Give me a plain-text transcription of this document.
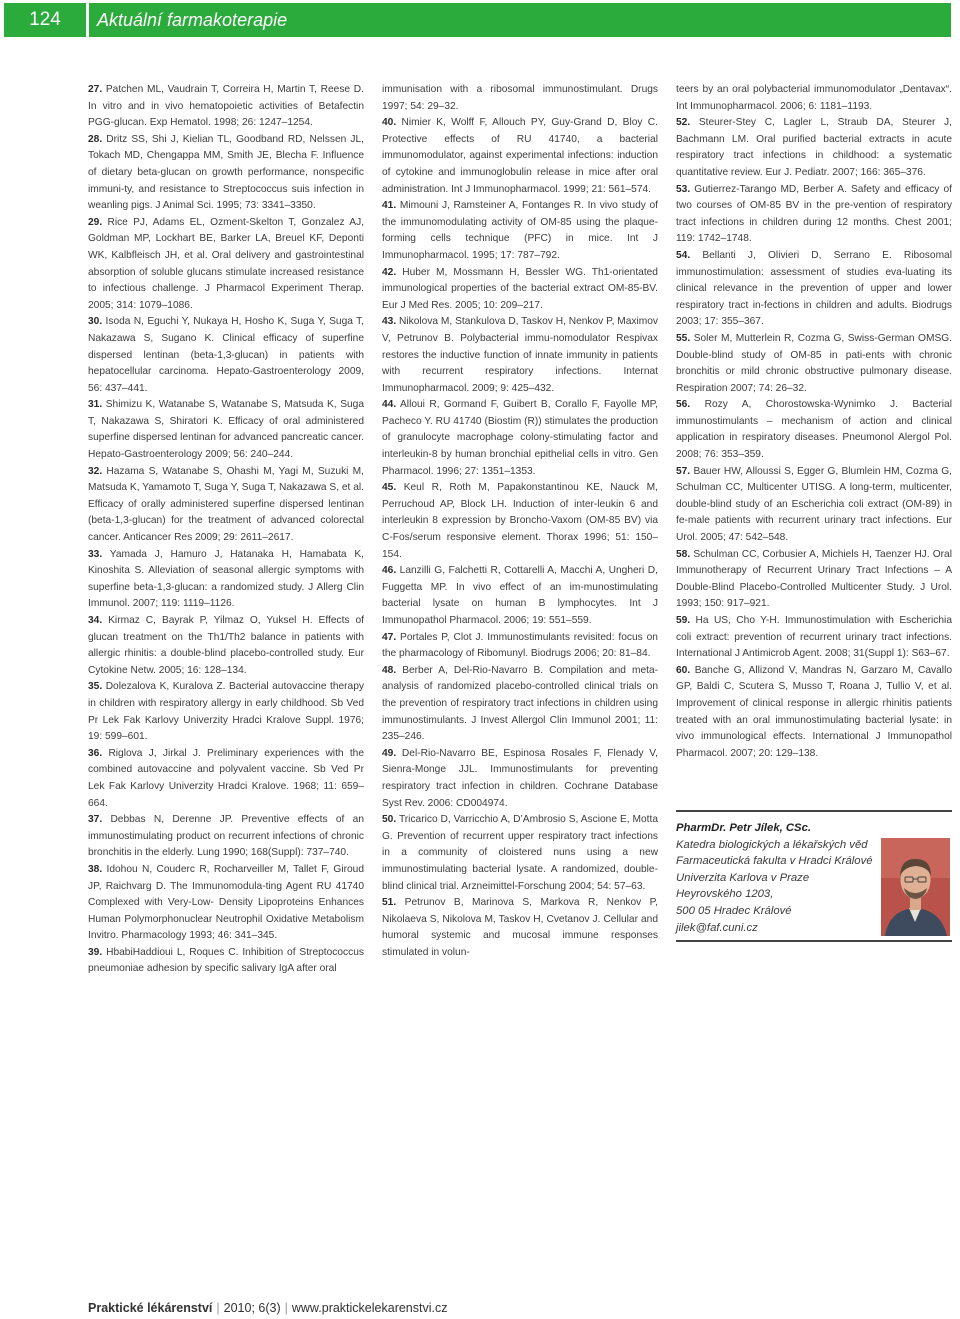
124	Aktuální farmakoterapie

27. Patchen ML, Vaudrain T, Correira H, Martin T, Reese D. In vitro and in vivo hematopoietic activities of Betafectin PGG-glucan. Exp Hematol. 1998; 26: 1247–1254.

28. Dritz SS, Shi J, Kielian TL, Goodband RD, Nelssen JL, Tokach MD, Chengappa MM, Smith JE, Blecha F. Influence of dietary beta-glucan on growth performance, nonspecific immuni-ty, and resistance to Streptococcus suis infection in weanling pigs. J Animal Sci. 1995; 73: 3341–3350.

29. Rice PJ, Adams EL, Ozment-Skelton T, Gonzalez AJ, Goldman MP, Lockhart BE, Barker LA, Breuel KF, Deponti WK, Kalbfleisch JH, et al. Oral delivery and gastrointestinal absorption of soluble glucans stimulate increased resistance to infectious challenge. J Pharmacol Experiment Therap. 2005; 314: 1079–1086.

30. Isoda N, Eguchi Y, Nukaya H, Hosho K, Suga Y, Suga T, Nakazawa S, Sugano K. Clinical efficacy of superfine dispersed lentinan (beta-1,3-glucan) in patients with hepatocellular carcinoma. Hepato-Gastroenterology 2009, 56: 437–441.

31. Shimizu K, Watanabe S, Watanabe S, Matsuda K, Suga T, Nakazawa S, Shiratori K. Efficacy of oral administered superfine dispersed lentinan for advanced pancreatic cancer. Hepato-Gastroenterology 2009; 56: 240–244.

32. Hazama S, Watanabe S, Ohashi M, Yagi M, Suzuki M, Matsuda K, Yamamoto T, Suga Y, Suga T, Nakazawa S, et al. Efficacy of orally administered superfine dispersed lentinan (beta-1,3-glucan) for the treatment of advanced colorectal cancer. Anticancer Res 2009; 29: 2611–2617.

33. Yamada J, Hamuro J, Hatanaka H, Hamabata K, Kinoshita S. Alleviation of seasonal allergic symptoms with superfine beta-1,3-glucan: a randomized study. J Allerg Clin Immunol. 2007; 119: 1119–1126.

34. Kirmaz C, Bayrak P, Yilmaz O, Yuksel H. Effects of glucan treatment on the Th1/Th2 balance in patients with allergic rhinitis: a double-blind placebo-controlled study. Eur Cytokine Netw. 2005; 16: 128–134.

35. Dolezalova K, Kuralova Z. Bacterial autovaccine therapy in children with respiratory allergy in early childhood. Sb Ved Pr Lek Fak Karlovy Univerzity Hradci Kralove Suppl. 1976; 19: 599–601.

36. Riglova J, Jirkal J. Preliminary experiences with the combined autovaccine and polyvalent vaccine. Sb Ved Pr Lek Fak Karlovy Univerzity Hradci Kralove. 1968; 11: 659–664.

37. Debbas N, Derenne JP. Preventive effects of an immunostimulating product on recurrent infections of chronic bronchitis in the elderly. Lung 1990; 168(Suppl): 737–740.

38. Idohou N, Couderc R, Rocharveiller M, Tallet F, Giroud JP, Raichvarg D. The Immunomodula-ting Agent RU 41740 Complexed with Very-Low- Density Lipoproteins Enhances Human Polymorphonuclear Neutrophil Oxidative Metabolism Invitro. Pharmacology 1993; 46: 341–345.

39. HbabiHaddioui L, Roques C. Inhibition of Streptococcus pneumoniae adhesion by specific salivary IgA after oral

immunisation with a ribosomal immunostimulant. Drugs 1997; 54: 29–32.

40. Nimier K, Wolff F, Allouch PY, Guy-Grand D, Bloy C. Protective effects of RU 41740, a bacterial immunomodulator, against experimental infections: induction of cytokine and immunoglobulin release in mice after oral administration. Int J Immunopharmacol. 1999; 21: 561–574.

41. Mimouni J, Ramsteiner A, Fontanges R. In vivo study of the immunomodulating activity of OM-85 using the plaque-forming cells technique (PFC) in mice. Int J Immunopharmacol. 1995; 17: 787–792.

42. Huber M, Mossmann H, Bessler WG. Th1-orientated immunological properties of the bacterial extract OM-85-BV. Eur J Med Res. 2005; 10: 209–217.

43. Nikolova M, Stankulova D, Taskov H, Nenkov P, Maximov V, Petrunov B. Polybacterial immu-nomodulator Respivax restores the inductive function of innate immunity in patients with recurrent respiratory infections. Internat Immunopharmacol. 2009; 9: 425–432.

44. Alloui R, Gormand F, Guibert B, Corallo F, Fayolle MP, Pacheco Y. RU 41740 (Biostim (R)) stimulates the production of granulocyte macrophage colony-stimulating factor and interleukin-8 by human bronchial epithelial cells in vitro. Gen Pharmacol. 1996; 27: 1351–1353.

45. Keul R, Roth M, Papakonstantinou KE, Nauck M, Perruchoud AP, Block LH. Induction of inter-leukin 6 and interleukin 8 expression by Broncho-Vaxom (OM-85 BV) via C-Fos/serum responsive element. Thorax 1996; 51: 150–154.

46. Lanzilli G, Falchetti R, Cottarelli A, Macchi A, Ungheri D, Fuggetta MP. In vivo effect of an im-munostimulating bacterial lysate on human B lymphocytes. Int J Immunopathol Pharmacol. 2006; 19: 551–559.

47. Portales P, Clot J. Immunostimulants revisited: focus on the pharmacology of Ribomunyl. Biodrugs 2006; 20: 81–84.

48. Berber A, Del-Rio-Navarro B. Compilation and meta-analysis of randomized placebo-controlled clinical trials on the prevention of respiratory tract infections in children using immunostimulants. J Invest Allergol Clin Immunol 2001; 11: 235–246.

49. Del-Rio-Navarro BE, Espinosa Rosales F, Flenady V, Sienra-Monge JJL. Immunostimulants for preventing respiratory tract infection in children. Cochrane Database Syst Rev. 2006: CD004974.

50. Tricarico D, Varricchio A, D’Ambrosio S, Ascione E, Motta G. Prevention of recurrent upper respiratory tract infections in a community of cloistered nuns using a new immunostimulating bacterial lysate. A randomized, double-blind clinical trial. Arzneimittel-Forschung 2004; 54: 57–63.

51. Petrunov B, Marinova S, Markova R, Nenkov P, Nikolaeva S, Nikolova M, Taskov H, Cvetanov J. Cellular and humoral systemic and mucosal immune responses stimulated in volun-

teers by an oral polybacterial immunomodulator „Dentavax“. Int Immunopharmacol. 2006; 6: 1181–1193.

52. Steurer-Stey C, Lagler L, Straub DA, Steurer J, Bachmann LM. Oral purified bacterial extracts in acute respiratory tract infections in childhood: a systematic quantitative review. Eur J. Pediatr. 2007; 166: 365–376.

53. Gutierrez-Tarango MD, Berber A. Safety and efficacy of two courses of OM-85 BV in the pre-vention of respiratory tract infections in children during 12 months. Chest 2001; 119: 1742–1748.

54. Bellanti J, Olivieri D, Serrano E. Ribosomal immunostimulation: assessment of studies eva-luating its clinical relevance in the prevention of upper and lower respiratory tract in-fections in children and adults. Biodrugs 2003; 17: 355–367.

55. Soler M, Mutterlein R, Cozma G, Swiss-German OMSG. Double-blind study of OM-85 in pati-ents with chronic bronchitis or mild chronic obstructive pulmonary disease. Respiration 2007; 74: 26–32.

56. Rozy A, Chorostowska-Wynimko J. Bacterial immunostimulants – mechanism of action and clinical application in respiratory diseases. Pneumonol Alergol Pol. 2008; 76: 353–359.

57. Bauer HW, Alloussi S, Egger G, Blumlein HM, Cozma G, Schulman CC, Multicenter UTISG. A long-term, multicenter, double-blind study of an Escherichia coli extract (OM-89) in fe-male patients with recurrent urinary tract infections. Eur Urol. 2005; 47: 542–548.

58. Schulman CC, Corbusier A, Michiels H, Taenzer HJ. Oral Immunotherapy of Recurrent Urinary Tract Infections – A Double-Blind Placebo-Controlled Multicenter Study. J Urol. 1993; 150: 917–921.

59. Ha US, Cho Y-H. Immunostimulation with Escherichia coli extract: prevention of recurrent urinary tract infections. International J Antimicrob Agent. 2008; 31(Suppl 1): S63–67.

60. Banche G, Allizond V, Mandras N, Garzaro M, Cavallo GP, Baldi C, Scutera S, Musso T, Roana J, Tullio V, et al. Improvement of clinical response in allergic rhinitis patients treated with an oral immunostimulating bacterial lysate: in vivo immunological effects. International J Immunopathol Pharmacol. 2007; 20: 129–138.

PharmDr. Petr Jílek, CSc.

Katedra biologických a lékařských věd

Farmaceutická fakulta v Hradci Králové

Univerzita Karlova v Praze

Heyrovského 1203,

500 05 Hradec Králové

jilek@faf.cuni.cz

Praktické lékárenství | 2010; 6(3) | www.praktickelekarenstvi.cz
